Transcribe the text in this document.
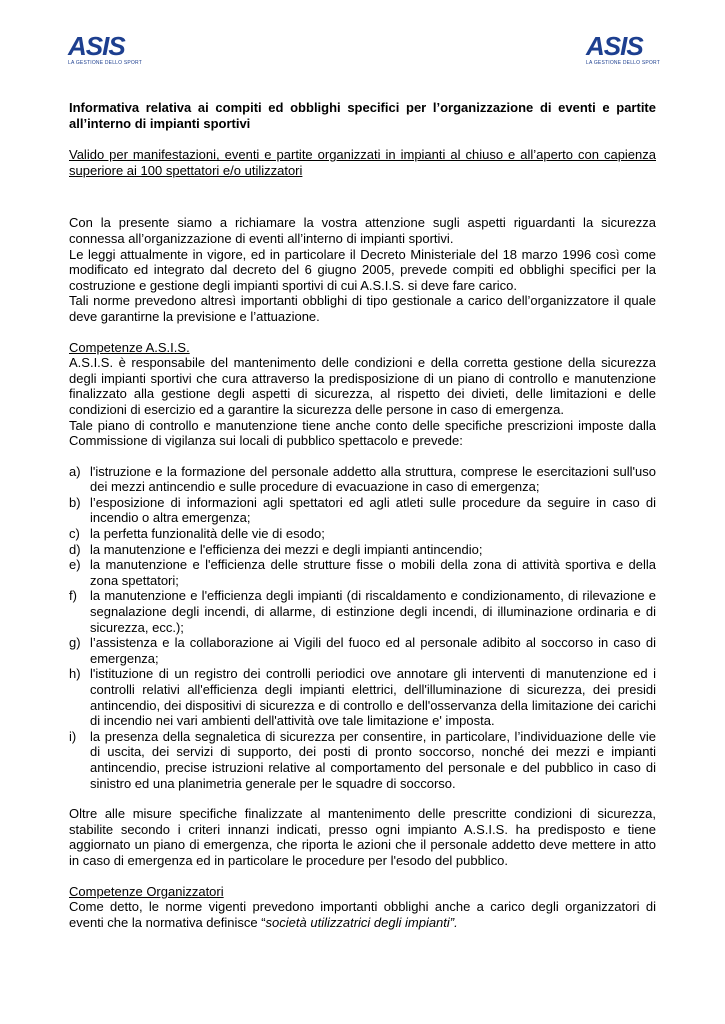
ASIS
LA GESTIONE DELLO SPORT
ASIS
LA GESTIONE DELLO SPORT

Informativa relativa ai compiti ed obblighi specifici per l’organizzazione di eventi e partite all’interno di impianti sportivi

Valido per manifestazioni, eventi e partite organizzati in impianti al chiuso e all’aperto con capienza superiore ai 100 spettatori e/o utilizzatori

Con la presente siamo a richiamare la vostra attenzione sugli aspetti riguardanti la sicurezza connessa all’organizzazione di eventi all’interno di impianti sportivi.

Le leggi attualmente in vigore, ed in particolare il Decreto Ministeriale del 18 marzo 1996 così come modificato ed integrato dal decreto del 6 giugno 2005, prevede compiti ed obblighi specifici per la costruzione e gestione degli impianti sportivi di cui A.S.I.S. si deve fare carico.

Tali norme prevedono altresì importanti obblighi di tipo gestionale a carico dell’organizzatore il quale deve garantirne la previsione e l’attuazione.

Competenze A.S.I.S.

A.S.I.S. è responsabile del mantenimento delle condizioni e della corretta gestione della sicurezza degli impianti sportivi che cura attraverso la predisposizione di un piano di controllo e manutenzione finalizzato alla gestione degli aspetti di sicurezza, al rispetto dei divieti, delle limitazioni e delle condizioni di esercizio ed a garantire la sicurezza delle persone in caso di emergenza.

Tale piano di controllo e manutenzione tiene anche conto delle specifiche prescrizioni imposte dalla Commissione di vigilanza sui locali di pubblico spettacolo e prevede:

a) l'istruzione e la formazione del personale addetto alla struttura, comprese le esercitazioni sull'uso dei mezzi antincendio e sulle procedure di evacuazione in caso di emergenza;
b) l’esposizione di informazioni agli spettatori ed agli atleti sulle procedure da seguire in caso di incendio o altra emergenza;
c) la perfetta funzionalità delle vie di esodo;
d) la manutenzione e l'efficienza dei mezzi e degli impianti antincendio;
e) la manutenzione e l'efficienza delle strutture fisse o mobili della zona di attività sportiva e della zona spettatori;
f) la manutenzione e l'efficienza degli impianti (di riscaldamento e condizionamento, di rilevazione e segnalazione degli incendi, di allarme, di estinzione degli incendi, di illuminazione ordinaria e di sicurezza, ecc.);
g) l’assistenza e la collaborazione ai Vigili del fuoco ed al personale adibito al soccorso in caso di emergenza;
h) l'istituzione di un registro dei controlli periodici ove annotare gli interventi di manutenzione ed i controlli relativi all'efficienza degli impianti elettrici, dell'illuminazione di sicurezza, dei presidi antincendio, dei dispositivi di sicurezza e di controllo e dell'osservanza della limitazione dei carichi di incendio nei vari ambienti dell'attività ove tale limitazione e' imposta.
i) la presenza della segnaletica di sicurezza per consentire, in particolare, l’individuazione delle vie di uscita, dei servizi di supporto, dei posti di pronto soccorso, nonché dei mezzi e impianti antincendio, precise istruzioni relative al comportamento del personale e del pubblico in caso di sinistro ed una planimetria generale per le squadre di soccorso.

Oltre alle misure specifiche finalizzate al mantenimento delle prescritte condizioni di sicurezza, stabilite secondo i criteri innanzi indicati, presso ogni impianto A.S.I.S. ha predisposto e tiene aggiornato un piano di emergenza, che riporta le azioni che il personale addetto deve mettere in atto in caso di emergenza ed in particolare le procedure per l'esodo del pubblico.

Competenze Organizzatori

Come detto, le norme vigenti prevedono importanti obblighi anche a carico degli organizzatori di eventi che la normativa definisce “società utilizzatrici degli impianti”.
